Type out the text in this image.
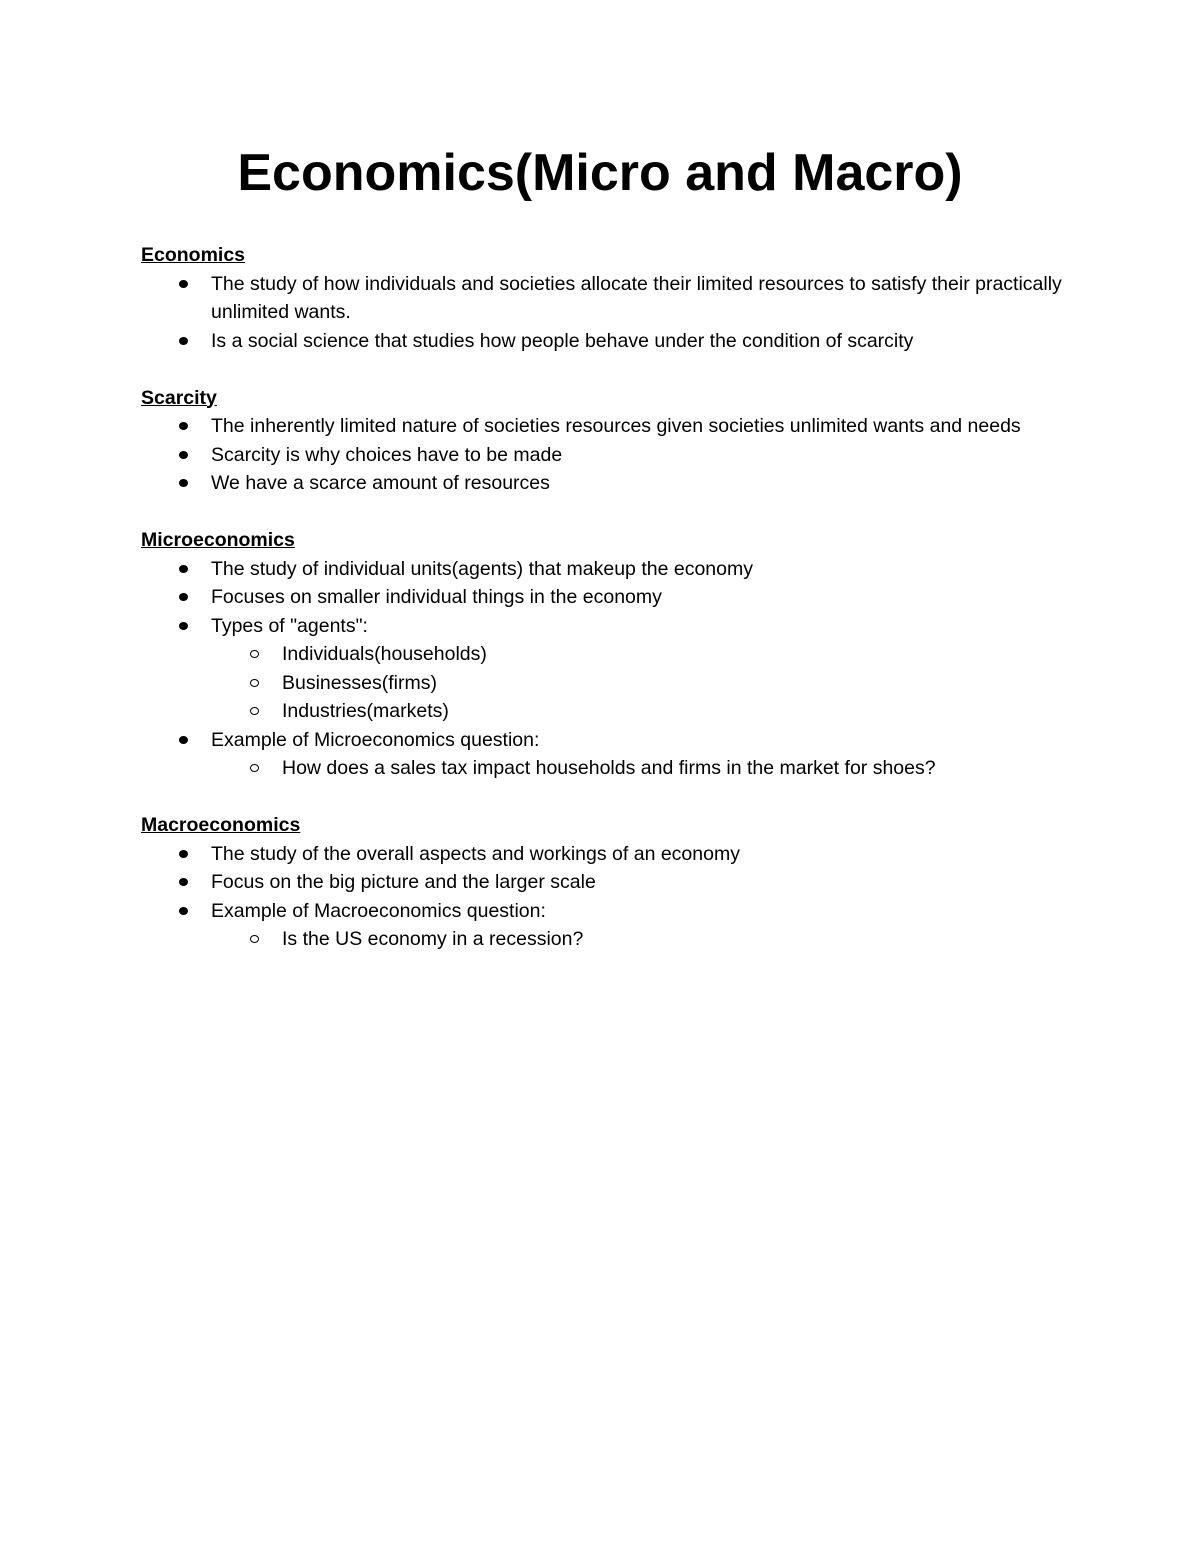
Economics(Micro and Macro)
Economics
The study of how individuals and societies allocate their limited resources to satisfy their practically unlimited wants.
Is a social science that studies how people behave under the condition of scarcity
Scarcity
The inherently limited nature of societies resources given societies unlimited wants and needs
Scarcity is why choices have to be made
We have a scarce amount of resources
Microeconomics
The study of individual units(agents) that makeup the economy
Focuses on smaller individual things in the economy
Types of "agents":
Individuals(households)
Businesses(firms)
Industries(markets)
Example of Microeconomics question:
How does a sales tax impact households and firms in the market for shoes?
Macroeconomics
The study of the overall aspects and workings of an economy
Focus on the big picture and the larger scale
Example of Macroeconomics question:
Is the US economy in a recession?
